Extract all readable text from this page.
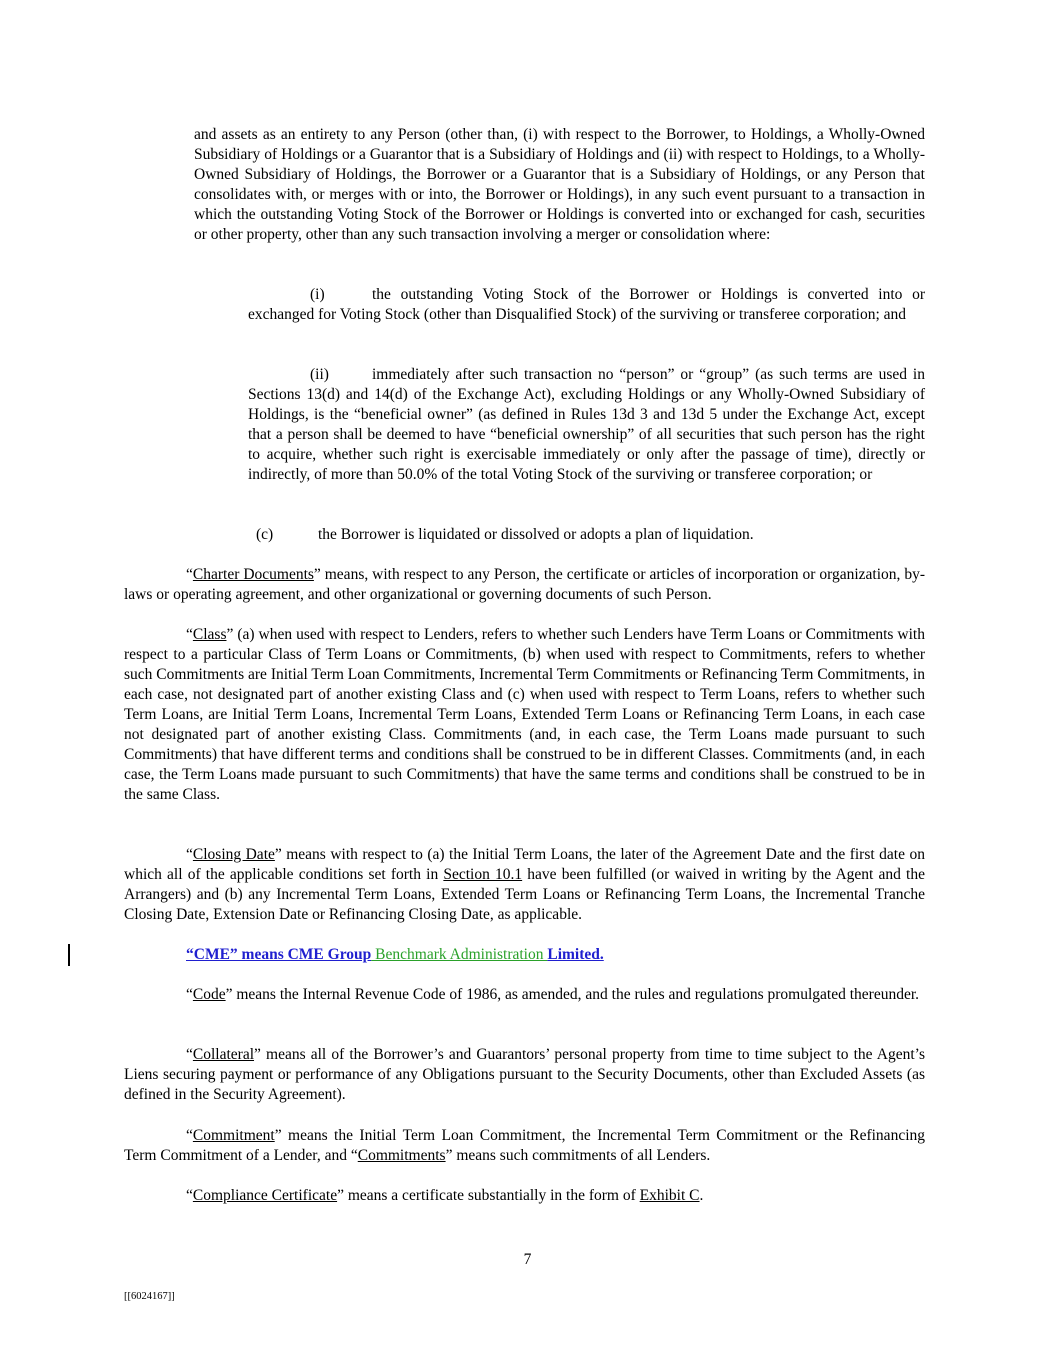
and assets as an entirety to any Person (other than, (i) with respect to the Borrower, to Holdings, a Wholly-Owned Subsidiary of Holdings or a Guarantor that is a Subsidiary of Holdings and (ii) with respect to Holdings, to a Wholly-Owned Subsidiary of Holdings, the Borrower or a Guarantor that is a Subsidiary of Holdings, or any Person that consolidates with, or merges with or into, the Borrower or Holdings), in any such event pursuant to a transaction in which the outstanding Voting Stock of the Borrower or Holdings is converted into or exchanged for cash, securities or other property, other than any such transaction involving a merger or consolidation where:

(i)	the outstanding Voting Stock of the Borrower or Holdings is converted into or exchanged for Voting Stock (other than Disqualified Stock) of the surviving or transferee corporation; and

(ii)	immediately after such transaction no “person” or “group” (as such terms are used in Sections 13(d) and 14(d) of the Exchange Act), excluding Holdings or any Wholly-Owned Subsidiary of Holdings, is the “beneficial owner” (as defined in Rules 13d 3 and 13d 5 under the Exchange Act, except that a person shall be deemed to have “beneficial ownership” of all securities that such person has the right to acquire, whether such right is exercisable immediately or only after the passage of time), directly or indirectly, of more than 50.0% of the total Voting Stock of the surviving or transferee corporation; or

(c)	the Borrower is liquidated or dissolved or adopts a plan of liquidation.

“Charter Documents” means, with respect to any Person, the certificate or articles of incorporation or organization, by-laws or operating agreement, and other organizational or governing documents of such Person.

“Class” (a) when used with respect to Lenders, refers to whether such Lenders have Term Loans or Commitments with respect to a particular Class of Term Loans or Commitments, (b) when used with respect to Commitments, refers to whether such Commitments are Initial Term Loan Commitments, Incremental Term Commitments or Refinancing Term Commitments, in each case, not designated part of another existing Class and (c) when used with respect to Term Loans, refers to whether such Term Loans, are Initial Term Loans, Incremental Term Loans, Extended Term Loans or Refinancing Term Loans, in each case not designated part of another existing Class. Commitments (and, in each case, the Term Loans made pursuant to such Commitments) that have different terms and conditions shall be construed to be in different Classes. Commitments (and, in each case, the Term Loans made pursuant to such Commitments) that have the same terms and conditions shall be construed to be in the same Class.

“Closing Date” means with respect to (a) the Initial Term Loans, the later of the Agreement Date and the first date on which all of the applicable conditions set forth in Section 10.1 have been fulfilled (or waived in writing by the Agent and the Arrangers) and (b) any Incremental Term Loans, Extended Term Loans or Refinancing Term Loans, the Incremental Tranche Closing Date, Extension Date or Refinancing Closing Date, as applicable.

“CME” means CME Group Benchmark Administration Limited.

“Code” means the Internal Revenue Code of 1986, as amended, and the rules and regulations promulgated thereunder.

“Collateral” means all of the Borrower’s and Guarantors’ personal property from time to time subject to the Agent’s Liens securing payment or performance of any Obligations pursuant to the Security Documents, other than Excluded Assets (as defined in the Security Agreement).

“Commitment” means the Initial Term Loan Commitment, the Incremental Term Commitment or the Refinancing Term Commitment of a Lender, and “Commitments” means such commitments of all Lenders.

“Compliance Certificate” means a certificate substantially in the form of Exhibit C.

7
[[6024167]]
